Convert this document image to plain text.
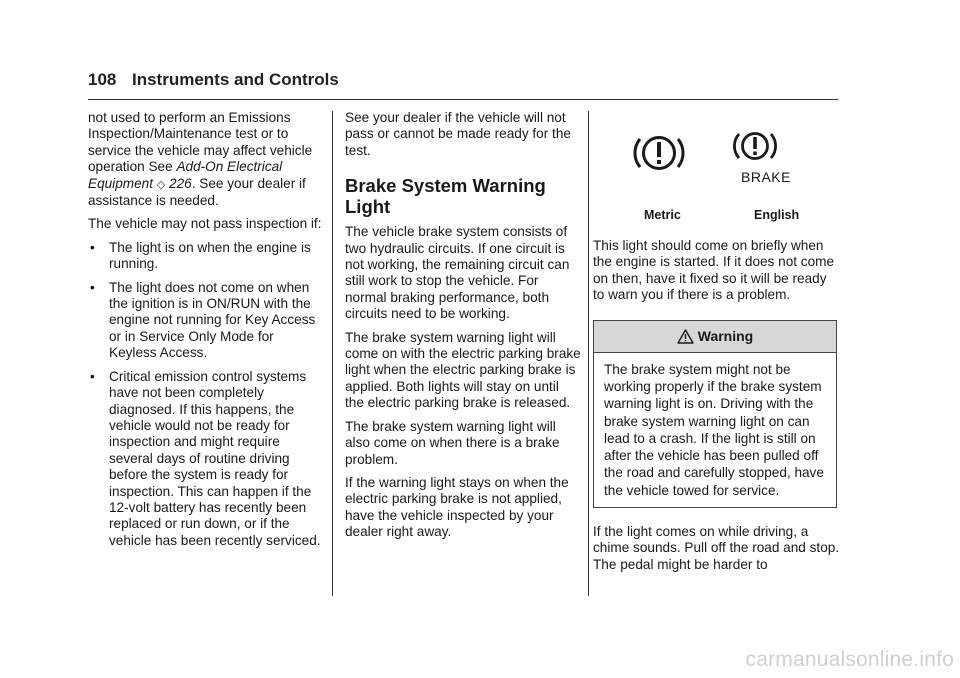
108 Instruments and Controls

not used to perform an Emissions Inspection/Maintenance test or to service the vehicle may affect vehicle operation See Add-On Electrical Equipment ◇ 226. See your dealer if assistance is needed.

The vehicle may not pass inspection if:

• The light is on when the engine is running.
• The light does not come on when the ignition is in ON/RUN with the engine not running for Key Access or in Service Only Mode for Keyless Access.
• Critical emission control systems have not been completely diagnosed. If this happens, the vehicle would not be ready for inspection and might require several days of routine driving before the system is ready for inspection. This can happen if the 12-volt battery has recently been replaced or run down, or if the vehicle has been recently serviced.

See your dealer if the vehicle will not pass or cannot be made ready for the test.

Brake System Warning Light

The vehicle brake system consists of two hydraulic circuits. If one circuit is not working, the remaining circuit can still work to stop the vehicle. For normal braking performance, both circuits need to be working.

The brake system warning light will come on with the electric parking brake light when the electric parking brake is applied. Both lights will stay on until the electric parking brake is released.

The brake system warning light will also come on when there is a brake problem.

If the warning light stays on when the electric parking brake is not applied, have the vehicle inspected by your dealer right away.

BRAKE
Metric	English

This light should come on briefly when the engine is started. If it does not come on then, have it fixed so it will be ready to warn you if there is a problem.

Warning
The brake system might not be working properly if the brake system warning light is on. Driving with the brake system warning light on can lead to a crash. If the light is still on after the vehicle has been pulled off the road and carefully stopped, have the vehicle towed for service.

If the light comes on while driving, a chime sounds. Pull off the road and stop. The pedal might be harder to

carmanualsonline.info
